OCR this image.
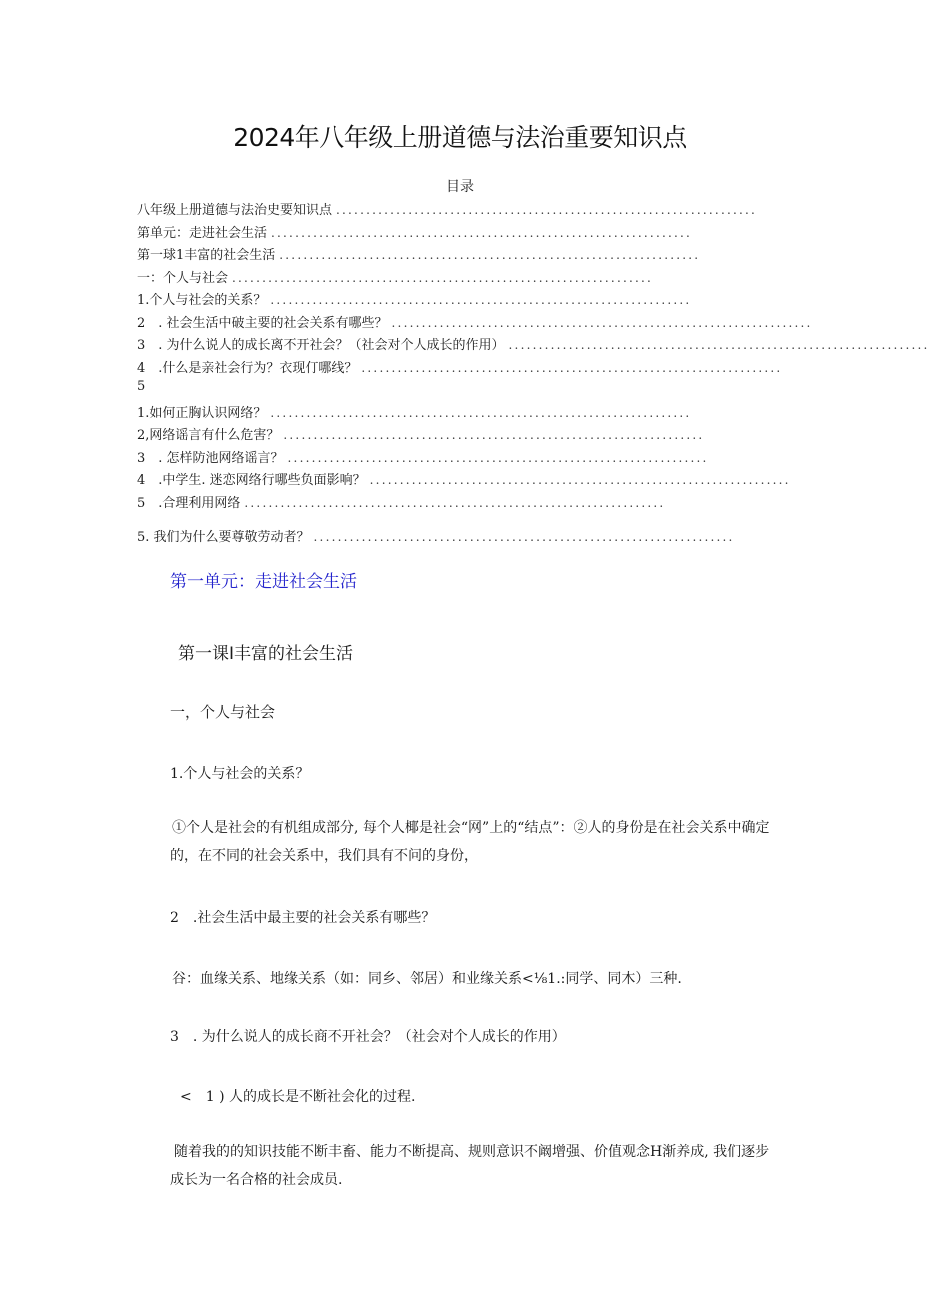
2024年八年级上册道德与法治重要知识点
目录
八年级上册道德与法治史要知识点 ......................................................................
第单元：走进社会生活 ......................................................................
第一球1丰富的社会生活 ......................................................................
一：个人与社会 ......................................................................
1.个人与社会的关系？ ......................................................................
2　. 社会生活中破主要的社会关系有哪些？ ......................................................................
3　. 为什么说人的成长离不开社会？（社会对个人成长的作用） ......................................................................
4　.什么是亲社会行为？衣现仃哪线？ ......................................................................
5
1.如何正胸认识网络？ ......................................................................
2,网络谣言有什么危害？ ......................................................................
3　. 怎样防池网络谣言？ ......................................................................
4　.中学生. 迷恋网络行哪些负面影响？ ......................................................................
5　.合理利用网络 ......................................................................
5. 我们为什么要尊敬劳动者？ ......................................................................
第一单元：走进社会生活
第一课I丰富的社会生活
一，个人与社会
1.个人与社会的关系？
①个人是社会的有机组成部分, 每个人椰是社会“网”上的“结点”：②人的身份是在社会关系中确定的，在不同的社会关系中，我们具有不问的身份，
2　.社会生活中最主要的社会关系有哪些？
谷：血缘关系、地缘关系（如：同乡、邻居）和业缘关系<⅛1.:同学、同木）三种.
3　. 为什么说人的成长商不开社会？（社会对个人成长的作用）
<　1 ) 人的成长是不断社会化的过程.
随着我的的知识技能不断丰畜、能力不断提高、规则意识不阚增强、价值观念H渐养成, 我们逐步成长为一名合格的社会成员.
